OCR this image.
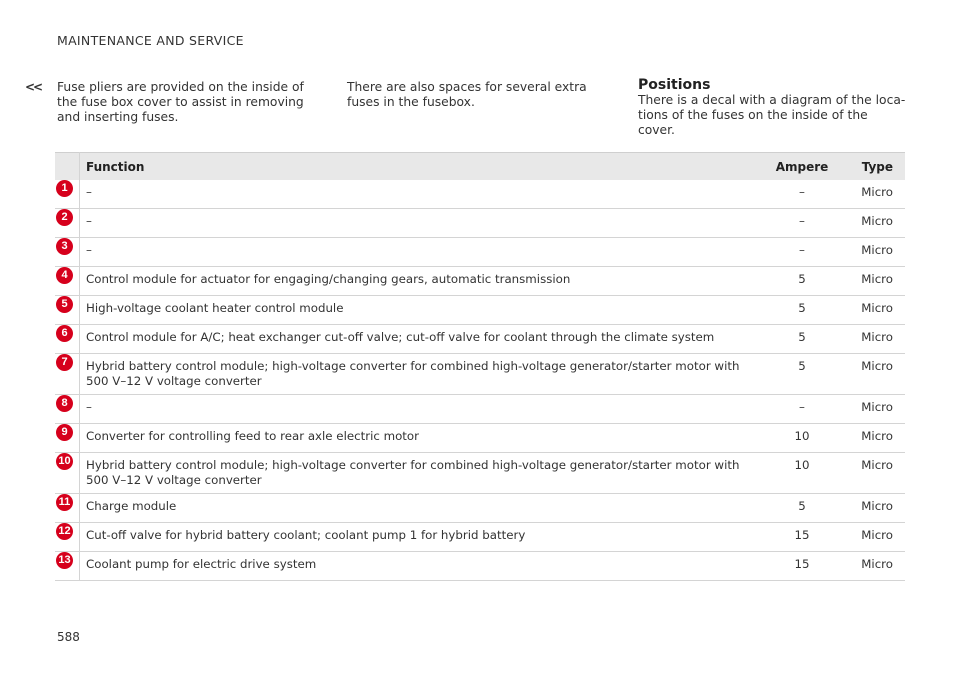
MAINTENANCE AND SERVICE
<< Fuse pliers are provided on the inside of the fuse box cover to assist in removing and inserting fuses.
There are also spaces for several extra fuses in the fusebox.
Positions

There is a decal with a diagram of the loca-tions of the fuses on the inside of the cover.

	Function	Ampere	Type

1	–	–	Micro

2	–	–	Micro

3	–	–	Micro

4	Control module for actuator for engaging/changing gears, automatic transmission	5	Micro

5	High-voltage coolant heater control module	5	Micro

6	Control module for A/C; heat exchanger cut-off valve; cut-off valve for coolant through the climate system	5	Micro

7	Hybrid battery control module; high-voltage converter for combined high-voltage generator/starter motor with 500 V–12 V voltage converter	5	Micro

8	–	–	Micro

9	Converter for controlling feed to rear axle electric motor	10	Micro

10	Hybrid battery control module; high-voltage converter for combined high-voltage generator/starter motor with 500 V–12 V voltage converter	10	Micro

11	Charge module	5	Micro

12	Cut-off valve for hybrid battery coolant; coolant pump 1 for hybrid battery	15	Micro

13	Coolant pump for electric drive system	15	Micro
588
